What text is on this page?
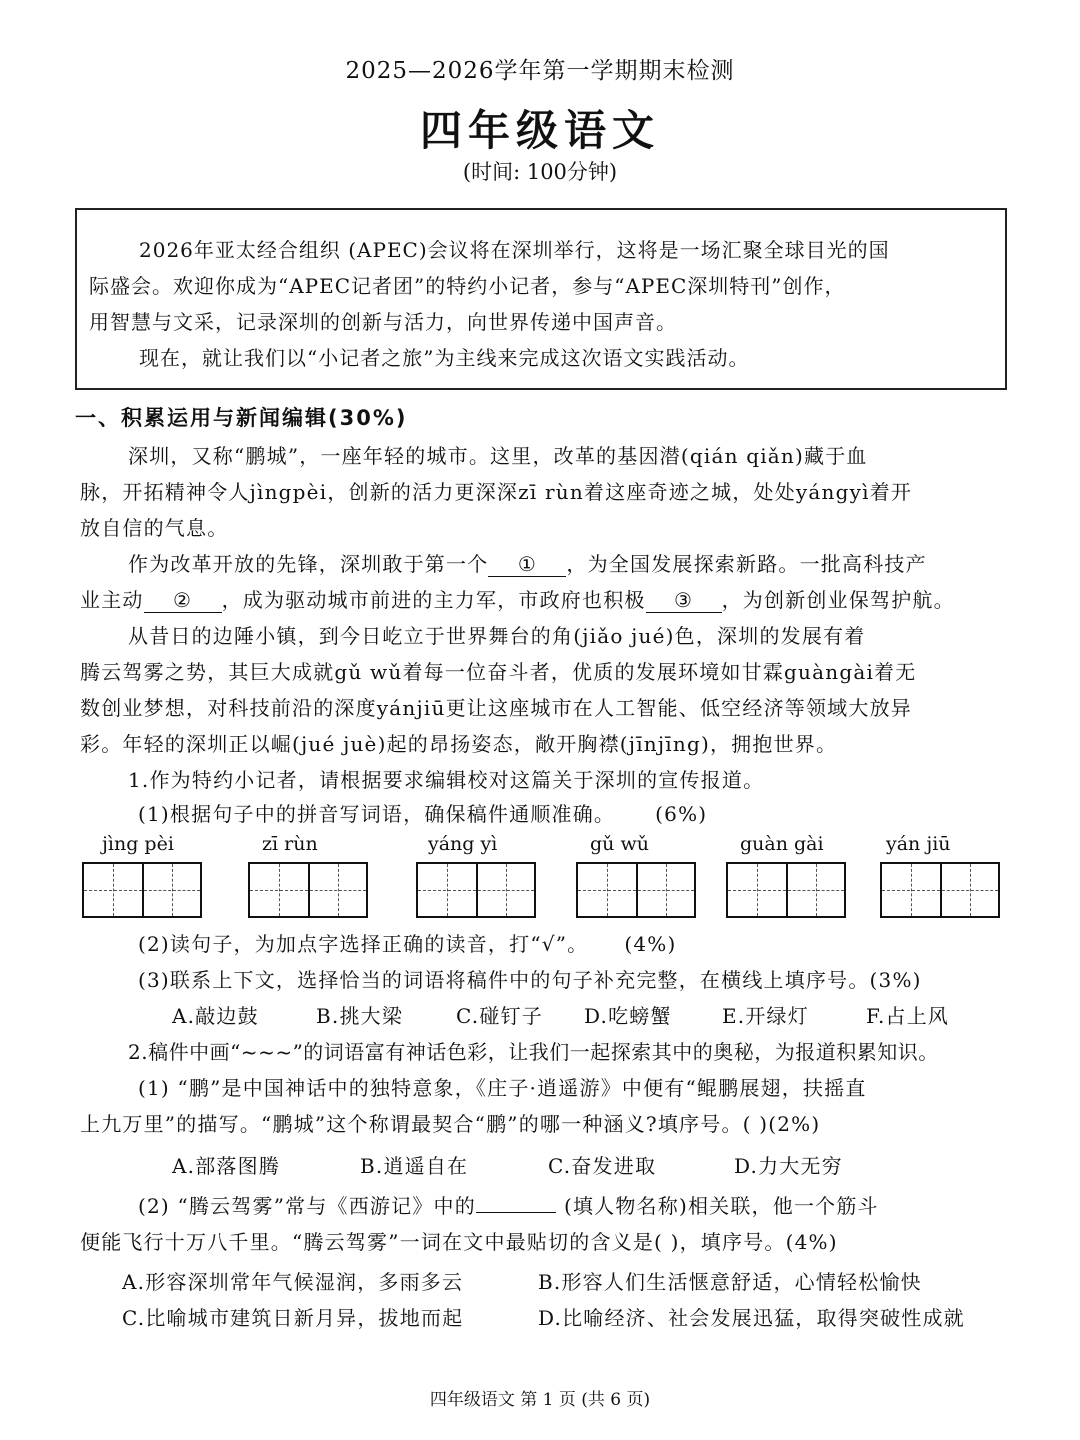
2025—2026学年第一学期期末检测
四年级语文
(时间: 100分钟)
2026年亚太经合组织 (APEC)会议将在深圳举行，这将是一场汇聚全球目光的国
际盛会。欢迎你成为“APEC记者团”的特约小记者，参与“APEC深圳特刊”创作，
用智慧与文采，记录深圳的创新与活力，向世界传递中国声音。
现在，就让我们以“小记者之旅”为主线来完成这次语文实践活动。
一、积累运用与新闻编辑(30%)
深圳，又称“鹏城”，一座年轻的城市。这里，改革的基因潜(qián qiǎn)藏于血
脉，开拓精神令人jìngpèi，创新的活力更深深zī rùn着这座奇迹之城，处处yángyì着开
放自信的气息。
作为改革开放的先锋，深圳敢于第一个 ① ，为全国发展探索新路。一批高科技产
业主动 ② ，成为驱动城市前进的主力军，市政府也积极 ③ ，为创新创业保驾护航。
从昔日的边陲小镇，到今日屹立于世界舞台的角(jiǎo jué)色，深圳的发展有着
腾云驾雾之势，其巨大成就gǔ wǔ着每一位奋斗者，优质的发展环境如甘霖guàngài着无
数创业梦想，对科技前沿的深度yánjiū更让这座城市在人工智能、低空经济等领域大放异
彩。年轻的深圳正以崛(jué juè)起的昂扬姿态，敞开胸襟(jīnjīng)，拥抱世界。
1.作为特约小记者，请根据要求编辑校对这篇关于深圳的宣传报道。
(1)根据句子中的拼音写词语，确保稿件通顺准确。 (6%)
jìng pèi	zī rùn	yáng yì	gǔ wǔ	guàn gài	yán jiū
(2)读句子，为加点字选择正确的读音，打“√”。 (4%)
(3)联系上下文，选择恰当的词语将稿件中的句子补充完整，在横线上填序号。(3%)
A.敲边鼓	B.挑大梁	C.碰钉子 D.吃螃蟹	E.开绿灯	F.占上风
2.稿件中画“~~~”的词语富有神话色彩，让我们一起探索其中的奥秘，为报道积累知识。
(1) “鹏”是中国神话中的独特意象，《庄子·逍遥游》中便有“鲲鹏展翅，扶摇直
上九万里”的描写。“鹏城”这个称谓最契合“鹏”的哪一种涵义?填序号。( )(2%)
A.部落图腾	B.逍遥自在	C.奋发进取	D.力大无穷
(2) “腾云驾雾”常与《西游记》中的	(填人物名称)相关联，他一个筋斗
便能飞行十万八千里。“腾云驾雾”一词在文中最贴切的含义是( )，填序号。(4%)
A.形容深圳常年气候湿润，多雨多云	B.形容人们生活惬意舒适，心情轻松愉快
C.比喻城市建筑日新月异，拔地而起	D.比喻经济、社会发展迅猛，取得突破性成就
四年级语文 第 1 页 (共 6 页)
